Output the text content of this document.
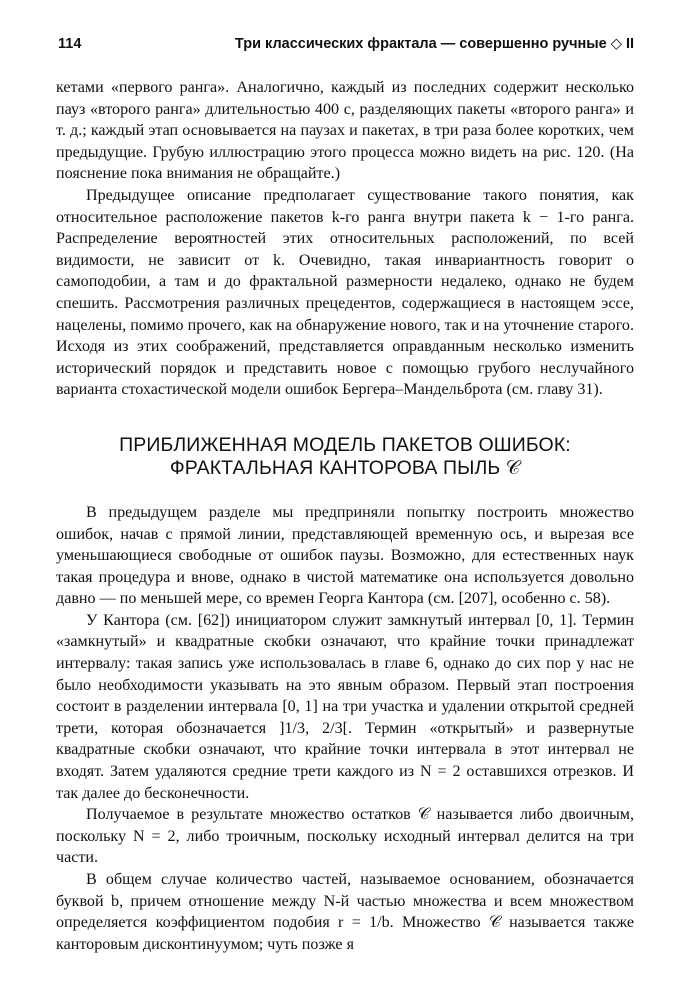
114	Три классических фрактала — совершенно ручные ◇ II

кетами «первого ранга». Аналогично, каждый из последних содержит несколько пауз «второго ранга» длительностью 400 с, разделяющих пакеты «второго ранга» и т. д.; каждый этап основывается на паузах и пакетах, в три раза более коротких, чем предыдущие. Грубую иллюстрацию этого процесса можно видеть на рис. 120. (На пояснение пока внимания не обращайте.)

Предыдущее описание предполагает существование такого понятия, как относительное расположение пакетов k-го ранга внутри пакета k − 1-го ранга. Распределение вероятностей этих относительных расположений, по всей видимости, не зависит от k. Очевидно, такая инвариантность говорит о самоподобии, а там и до фрактальной размерности недалеко, однако не будем спешить. Рассмотрения различных прецедентов, содержащиеся в настоящем эссе, нацелены, помимо прочего, как на обнаружение нового, так и на уточнение старого. Исходя из этих соображений, представляется оправданным несколько изменить исторический порядок и представить новое с помощью грубого неслучайного варианта стохастической модели ошибок Бергера–Мандельброта (см. главу 31).

ПРИБЛИЖЕННАЯ МОДЕЛЬ ПАКЕТОВ ОШИБОК:
ФРАКТАЛЬНАЯ КАНТОРОВА ПЫЛЬ 𝒞

В предыдущем разделе мы предприняли попытку построить множество ошибок, начав с прямой линии, представляющей временную ось, и вырезая все уменьшающиеся свободные от ошибок паузы. Возможно, для естественных наук такая процедура и внове, однако в чистой математике она используется довольно давно — по меньшей мере, со времен Георга Кантора (см. [207], особенно с. 58).

У Кантора (см. [62]) инициатором служит замкнутый интервал [0, 1]. Термин «замкнутый» и квадратные скобки означают, что крайние точки принадлежат интервалу: такая запись уже использовалась в главе 6, однако до сих пор у нас не было необходимости указывать на это явным образом. Первый этап построения состоит в разделении интервала [0, 1] на три участка и удалении открытой средней трети, которая обозначается ]1/3, 2/3[. Термин «открытый» и развернутые квадратные скобки означают, что крайние точки интервала в этот интервал не входят. Затем удаляются средние трети каждого из N = 2 оставшихся отрезков. И так далее до бесконечности.

Получаемое в результате множество остатков 𝒞 называется либо двоичным, поскольку N = 2, либо троичным, поскольку исходный интервал делится на три части.

В общем случае количество частей, называемое основанием, обозначается буквой b, причем отношение между N-й частью множества и всем множеством определяется коэффициентом подобия r = 1/b. Множество 𝒞 называется также канторовым дисконтинуумом; чуть позже я
